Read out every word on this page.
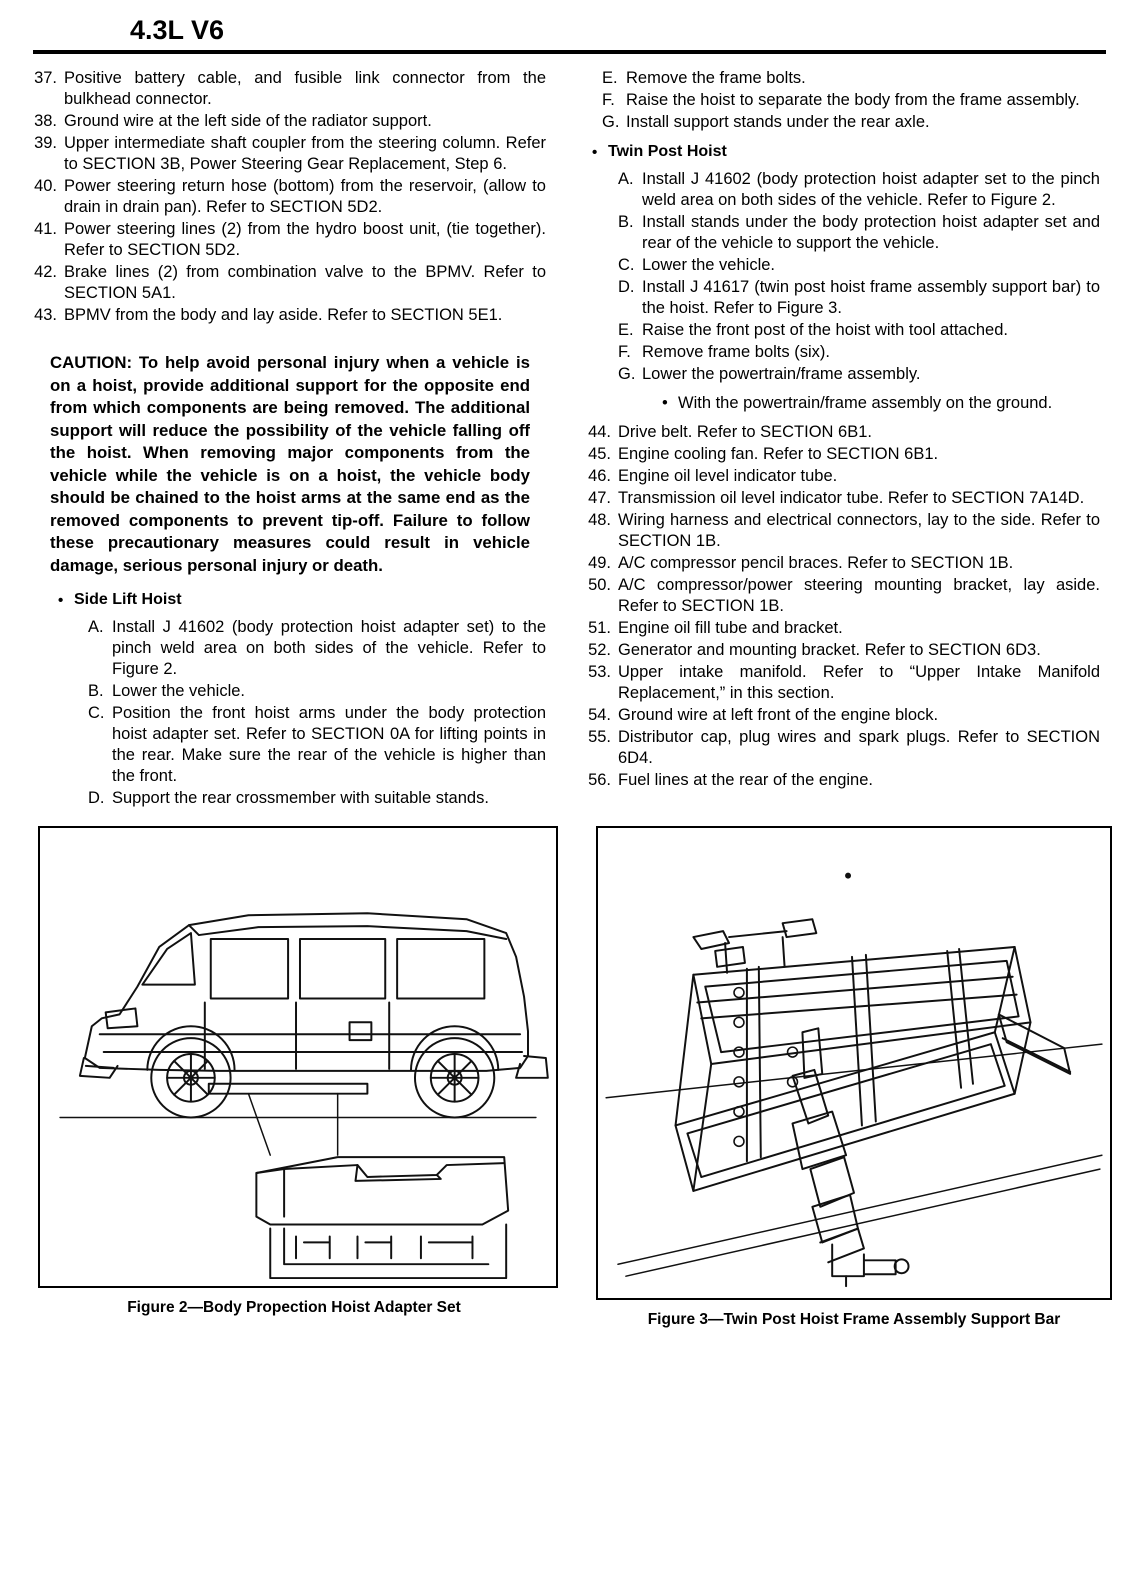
4.3L V6
37. Positive battery cable, and fusible link connector from the bulkhead connector.
38. Ground wire at the left side of the radiator support.
39. Upper intermediate shaft coupler from the steering column. Refer to SECTION 3B, Power Steering Gear Replacement, Step 6.
40. Power steering return hose (bottom) from the reservoir, (allow to drain in drain pan). Refer to SECTION 5D2.
41. Power steering lines (2) from the hydro boost unit, (tie together). Refer to SECTION 5D2.
42. Brake lines (2) from combination valve to the BPMV. Refer to SECTION 5A1.
43. BPMV from the body and lay aside. Refer to SECTION 5E1.
CAUTION: To help avoid personal injury when a vehicle is on a hoist, provide additional support for the opposite end from which components are being removed. The additional support will reduce the possibility of the vehicle falling off the hoist. When removing major components from the vehicle while the vehicle is on a hoist, the vehicle body should be chained to the hoist arms at the same end as the removed components to prevent tip-off. Failure to follow these precautionary measures could result in vehicle damage, serious personal injury or death.
• Side Lift Hoist
A. Install J 41602 (body protection hoist adapter set) to the pinch weld area on both sides of the vehicle. Refer to Figure 2.
B. Lower the vehicle.
C. Position the front hoist arms under the body protection hoist adapter set. Refer to SECTION 0A for lifting points in the rear. Make sure the rear of the vehicle is higher than the front.
D. Support the rear crossmember with suitable stands.
E. Remove the frame bolts.
F. Raise the hoist to separate the body from the frame assembly.
G. Install support stands under the rear axle.
• Twin Post Hoist
A. Install J 41602 (body protection hoist adapter set to the pinch weld area on both sides of the vehicle. Refer to Figure 2.
B. Install stands under the body protection hoist adapter set and rear of the vehicle to support the vehicle.
C. Lower the vehicle.
D. Install J 41617 (twin post hoist frame assembly support bar) to the hoist. Refer to Figure 3.
E. Raise the front post of the hoist with tool attached.
F. Remove frame bolts (six).
G. Lower the powertrain/frame assembly.
• With the powertrain/frame assembly on the ground.
44. Drive belt. Refer to SECTION 6B1.
45. Engine cooling fan. Refer to SECTION 6B1.
46. Engine oil level indicator tube.
47. Transmission oil level indicator tube. Refer to SECTION 7A14D.
48. Wiring harness and electrical connectors, lay to the side. Refer to SECTION 1B.
49. A/C compressor pencil braces. Refer to SECTION 1B.
50. A/C compressor/power steering mounting bracket, lay aside. Refer to SECTION 1B.
51. Engine oil fill tube and bracket.
52. Generator and mounting bracket. Refer to SECTION 6D3.
53. Upper intake manifold. Refer to “Upper Intake Manifold Replacement,” in this section.
54. Ground wire at left front of the engine block.
55. Distributor cap, plug wires and spark plugs. Refer to SECTION 6D4.
56. Fuel lines at the rear of the engine.
Figure 2—Body Propection Hoist Adapter Set
Figure 3—Twin Post Hoist Frame Assembly Support Bar
